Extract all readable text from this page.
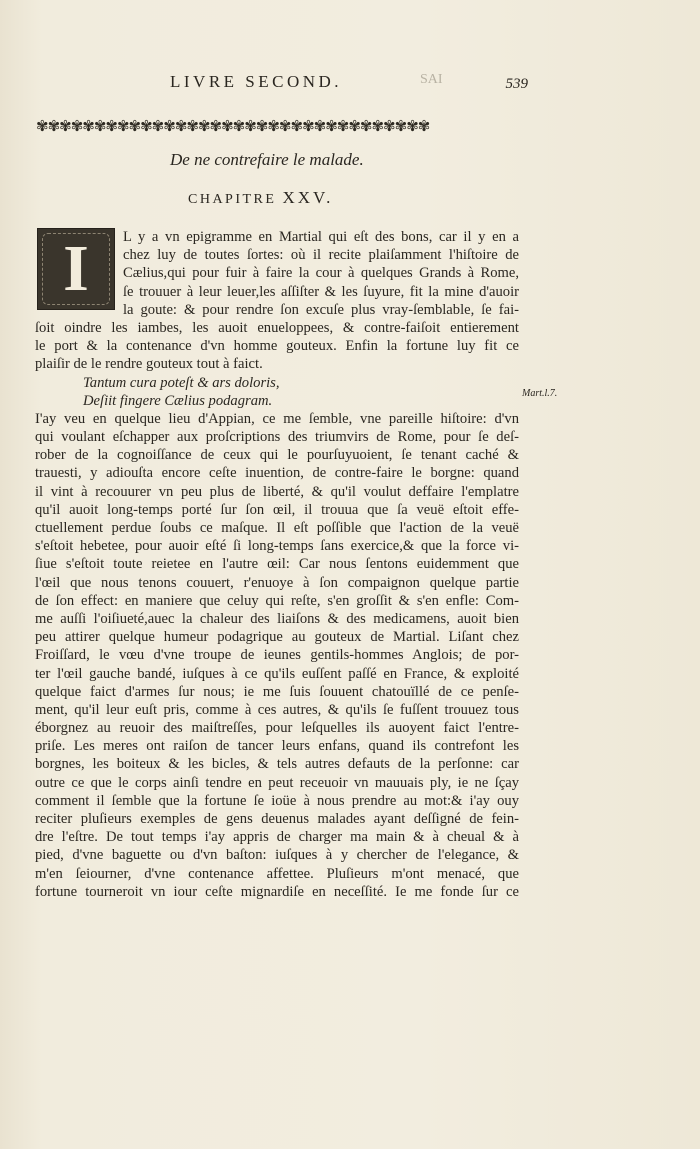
SAI
LIVRE SECOND.	539
✾✾✾✾✾✾✾✾✾✾✾✾✾✾✾✾✾✾✾✾✾✾✾✾✾✾✾✾✾✾✾✾✾✾
De ne contrefaire le malade.
CHAPITRE XXV.
I	L y a vn epigramme en Martial qui eſt des bons, car il y en a
chez luy de toutes ſortes: où il recite plaiſamment l'hiſtoire de
Cælius,qui pour fuir à faire la cour à quelques Grands à Rome,
ſe trouuer à leur leuer,les aſſiſter & les ſuyure, fit la mine d'auoir
la goute: & pour rendre ſon excuſe plus vray-ſemblable, ſe fai-
ſoit oindre les iambes, les auoit enueloppees, & contre-faiſoit entierement
le port & la contenance d'vn homme gouteux. Enfin la fortune luy fit ce
plaiſir de le rendre gouteux tout à faict.
Tantum cura poteſt & ars doloris,
Deſiit fingere Cælius podagram.
I'ay veu en quelque lieu d'Appian, ce me ſemble, vne pareille hiſtoire: d'vn
qui voulant eſchapper aux proſcriptions des triumvirs de Rome, pour ſe deſ-
rober de la cognoiſſance de ceux qui le pourſuyuoient, ſe tenant caché &
trauesti, y adiouſta encore ceſte inuention, de contre-faire le borgne: quand
il vint à recouurer vn peu plus de liberté, & qu'il voulut deffaire l'emplatre
qu'il auoit long-temps porté ſur ſon œil, il trouua que ſa veuë eſtoit effe-
ctuellement perdue ſoubs ce maſque. Il eſt poſſible que l'action de la veuë
s'eſtoit hebetee, pour auoir eſté ſi long-temps ſans exercice,& que la force vi-
ſiue s'eſtoit toute reietee en l'autre œil: Car nous ſentons euidemment que
l'œil que nous tenons couuert, r'enuoye à ſon compaignon quelque partie
de ſon effect: en maniere que celuy qui reſte, s'en groſſit & s'en enfle: Com-
me auſſi l'oiſiueté,auec la chaleur des liaiſons & des medicamens, auoit bien
peu attirer quelque humeur podagrique au gouteux de Martial. Liſant chez
Froiſſard, le vœu d'vne troupe de ieunes gentils-hommes Anglois; de por-
ter l'œil gauche bandé, iuſques à ce qu'ils euſſent paſſé en France, & exploité
quelque faict d'armes ſur nous; ie me ſuis ſouuent chatouïllé de ce penſe-
ment, qu'il leur euſt pris, comme à ces autres, & qu'ils ſe fuſſent trouuez tous
éborgnez au reuoir des maiſtreſſes, pour leſquelles ils auoyent faict l'entre-
priſe. Les meres ont raiſon de tancer leurs enfans, quand ils contrefont les
borgnes, les boiteux & les bicles, & tels autres defauts de la perſonne: car
outre ce que le corps ainſi tendre en peut receuoir vn mauuais ply, ie ne ſçay
comment il ſemble que la fortune ſe ioüe à nous prendre au mot:& i'ay ouy
reciter pluſieurs exemples de gens deuenus malades ayant deſſigné de fein-
dre l'eſtre. De tout temps i'ay appris de charger ma main & à cheual & à
pied, d'vne baguette ou d'vn baſton: iuſques à y chercher de l'elegance, &
m'en ſeiourner, d'vne contenance affettee. Pluſieurs m'ont menacé, que
fortune tourneroit vn iour ceſte mignardiſe en neceſſité. Ie me fonde ſur ce
Mart.l.7.
